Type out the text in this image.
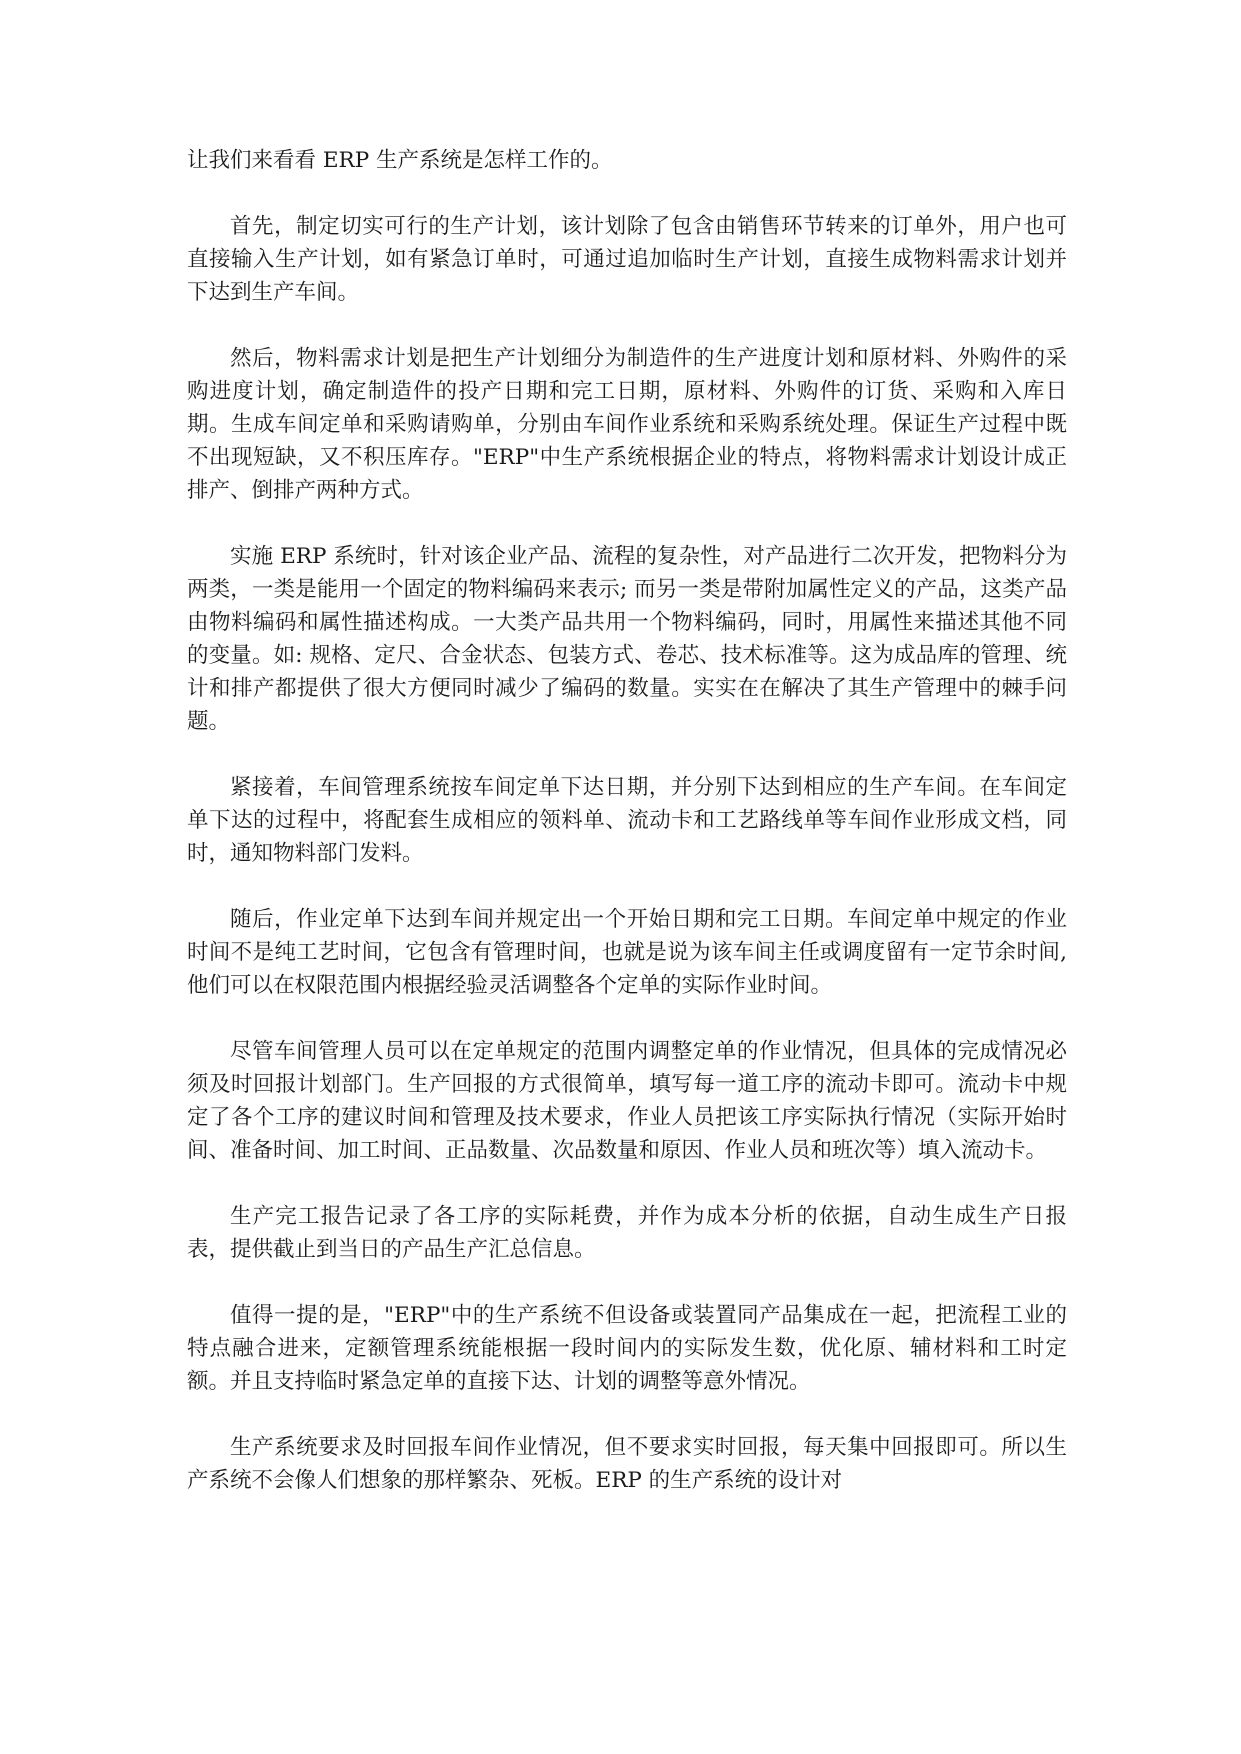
让我们来看看 ERP 生产系统是怎样工作的。

首先，制定切实可行的生产计划，该计划除了包含由销售环节转来的订单外，用户也可直接输入生产计划，如有紧急订单时，可通过追加临时生产计划，直接生成物料需求计划并下达到生产车间。

然后，物料需求计划是把生产计划细分为制造件的生产进度计划和原材料、外购件的采购进度计划，确定制造件的投产日期和完工日期，原材料、外购件的订货、采购和入库日期。生成车间定单和采购请购单，分别由车间作业系统和采购系统处理。保证生产过程中既不出现短缺，又不积压库存。"ERP"中生产系统根据企业的特点，将物料需求计划设计成正排产、倒排产两种方式。

实施 ERP 系统时，针对该企业产品、流程的复杂性，对产品进行二次开发，把物料分为两类，一类是能用一个固定的物料编码来表示; 而另一类是带附加属性定义的产品，这类产品由物料编码和属性描述构成。一大类产品共用一个物料编码，同时，用属性来描述其他不同的变量。如: 规格、定尺、合金状态、包装方式、卷芯、技术标准等。这为成品库的管理、统计和排产都提供了很大方便同时减少了编码的数量。实实在在解决了其生产管理中的棘手问题。

紧接着，车间管理系统按车间定单下达日期，并分别下达到相应的生产车间。在车间定单下达的过程中，将配套生成相应的领料单、流动卡和工艺路线单等车间作业形成文档，同时，通知物料部门发料。

随后，作业定单下达到车间并规定出一个开始日期和完工日期。车间定单中规定的作业时间不是纯工艺时间，它包含有管理时间，也就是说为该车间主任或调度留有一定节余时间,他们可以在权限范围内根据经验灵活调整各个定单的实际作业时间。

尽管车间管理人员可以在定单规定的范围内调整定单的作业情况，但具体的完成情况必须及时回报计划部门。生产回报的方式很简单，填写每一道工序的流动卡即可。流动卡中规定了各个工序的建议时间和管理及技术要求，作业人员把该工序实际执行情况（实际开始时间、准备时间、加工时间、正品数量、次品数量和原因、作业人员和班次等）填入流动卡。

生产完工报告记录了各工序的实际耗费，并作为成本分析的依据，自动生成生产日报表，提供截止到当日的产品生产汇总信息。

值得一提的是，"ERP"中的生产系统不但设备或装置同产品集成在一起，把流程工业的特点融合进来，定额管理系统能根据一段时间内的实际发生数，优化原、辅材料和工时定额。并且支持临时紧急定单的直接下达、计划的调整等意外情况。

生产系统要求及时回报车间作业情况，但不要求实时回报，每天集中回报即可。所以生产系统不会像人们想象的那样繁杂、死板。ERP 的生产系统的设计对
